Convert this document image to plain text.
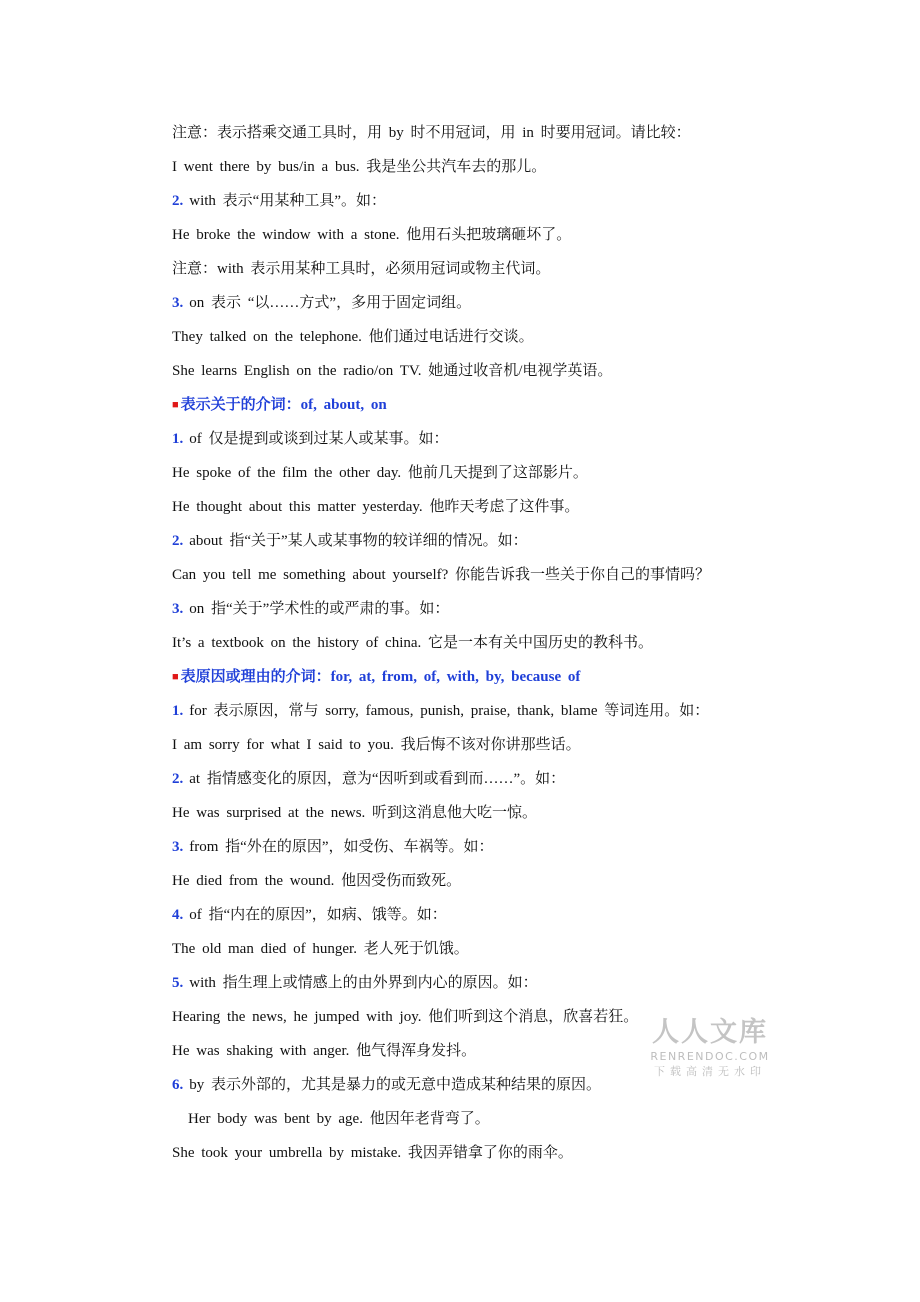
注意：表示搭乘交通工具时，用 by 时不用冠词，用 in 时要用冠词。请比较：
I went there by bus/in a bus. 我是坐公共汽车去的那儿。
2. with 表示“用某种工具”。如：
He broke the window with a stone. 他用石头把玻璃砸坏了。
注意：with 表示用某种工具时，必须用冠词或物主代词。
3. on 表示 “以……方式”，多用于固定词组。
They talked on the telephone. 他们通过电话进行交谈。
She learns English on the radio/on TV. 她通过收音机/电视学英语。
■ 表示关于的介词：of, about, on
1. of 仅是提到或谈到过某人或某事。如：
He spoke of the film the other day. 他前几天提到了这部影片。
He thought about this matter yesterday. 他昨天考虑了这件事。
2. about 指“关于”某人或某事物的较详细的情况。如：
Can you tell me something about yourself? 你能告诉我一些关于你自己的事情吗？
3. on 指“关于”学术性的或严肃的事。如：
It’s a textbook on the history of china. 它是一本有关中国历史的教科书。
■ 表原因或理由的介词：for, at, from, of, with, by, because of
1. for 表示原因，常与 sorry, famous, punish, praise, thank, blame 等词连用。如：
I am sorry for what I said to you. 我后悔不该对你讲那些话。
2. at 指情感变化的原因，意为“因听到或看到而……”。如：
He was surprised at the news. 听到这消息他大吃一惊。
3. from 指“外在的原因”，如受伤、车祸等。如：
He died from the wound. 他因受伤而致死。
4. of 指“内在的原因”，如病、饿等。如：
The old man died of hunger. 老人死于饥饿。
5. with 指生理上或情感上的由外界到内心的原因。如：
Hearing the news, he jumped with joy. 他们听到这个消息，欣喜若狂。
He was shaking with anger. 他气得浑身发抖。
6. by 表示外部的，尤其是暴力的或无意中造成某种结果的原因。
Her body was bent by age. 他因年老背弯了。
She took your umbrella by mistake. 我因弄错拿了你的雨伞。
人人文库
RENRENDOC.COM
下载高清无水印
